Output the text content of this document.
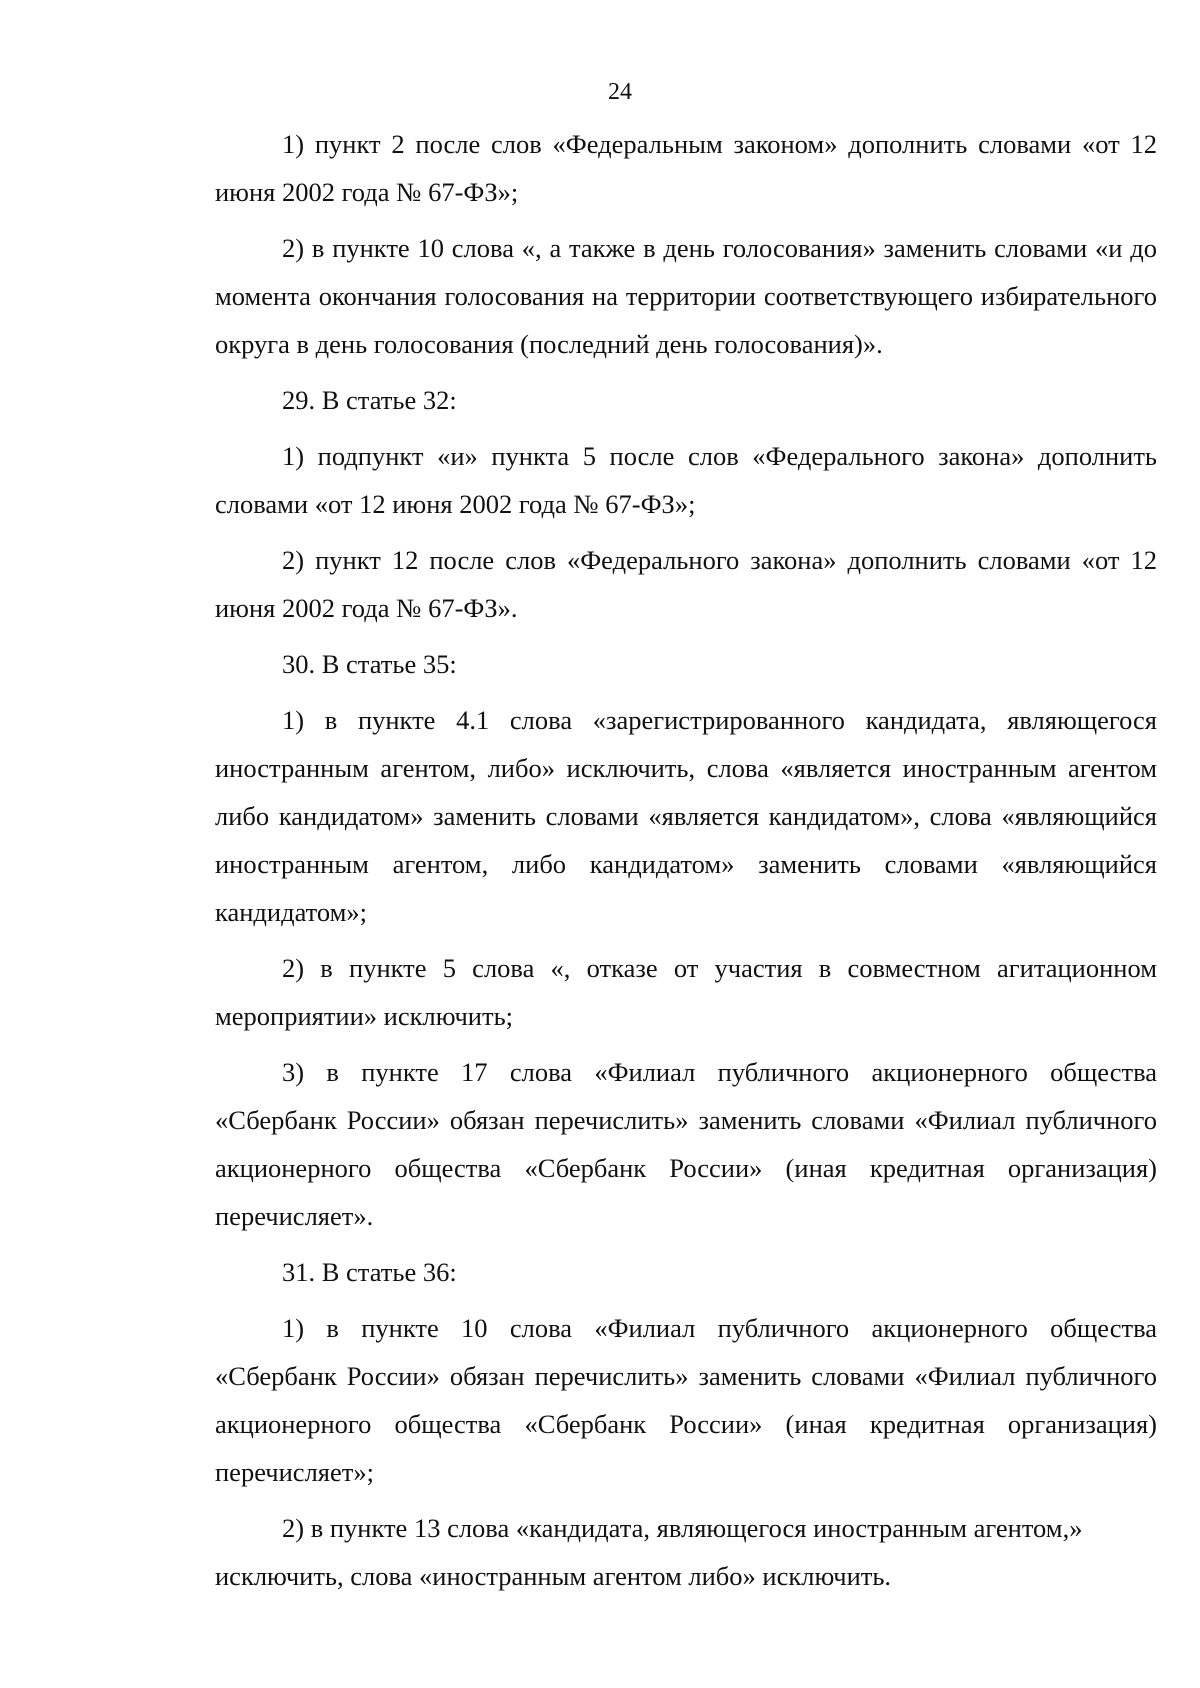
24

1) пункт 2 после слов «Федеральным законом» дополнить словами «от 12 июня 2002 года № 67-ФЗ»;

2) в пункте 10 слова «, а также в день голосования» заменить словами «и до момента окончания голосования на территории соответствующего избирательного округа в день голосования (последний день голосования)».

29. В статье 32:

1) подпункт «и» пункта 5 после слов «Федерального закона» дополнить словами «от 12 июня 2002 года № 67-ФЗ»;

2) пункт 12 после слов «Федерального закона» дополнить словами «от 12 июня 2002 года № 67-ФЗ».

30. В статье 35:

1) в пункте 4.1 слова «зарегистрированного кандидата, являющегося иностранным агентом, либо» исключить, слова «является иностранным агентом либо кандидатом» заменить словами «является кандидатом», слова «являющийся иностранным агентом, либо кандидатом» заменить словами «являющийся кандидатом»;

2) в пункте 5 слова «, отказе от участия в совместном агитационном мероприятии» исключить;

3) в пункте 17 слова «Филиал публичного акционерного общества «Сбербанк России» обязан перечислить» заменить словами «Филиал публичного акционерного общества «Сбербанк России» (иная кредитная организация) перечисляет».

31. В статье 36:

1) в пункте 10 слова «Филиал публичного акционерного общества «Сбербанк России» обязан перечислить» заменить словами «Филиал публичного акционерного общества «Сбербанк России» (иная кредитная организация) перечисляет»;

2) в пункте 13 слова «кандидата, являющегося иностранным агентом,» исключить, слова «иностранным агентом либо» исключить.
